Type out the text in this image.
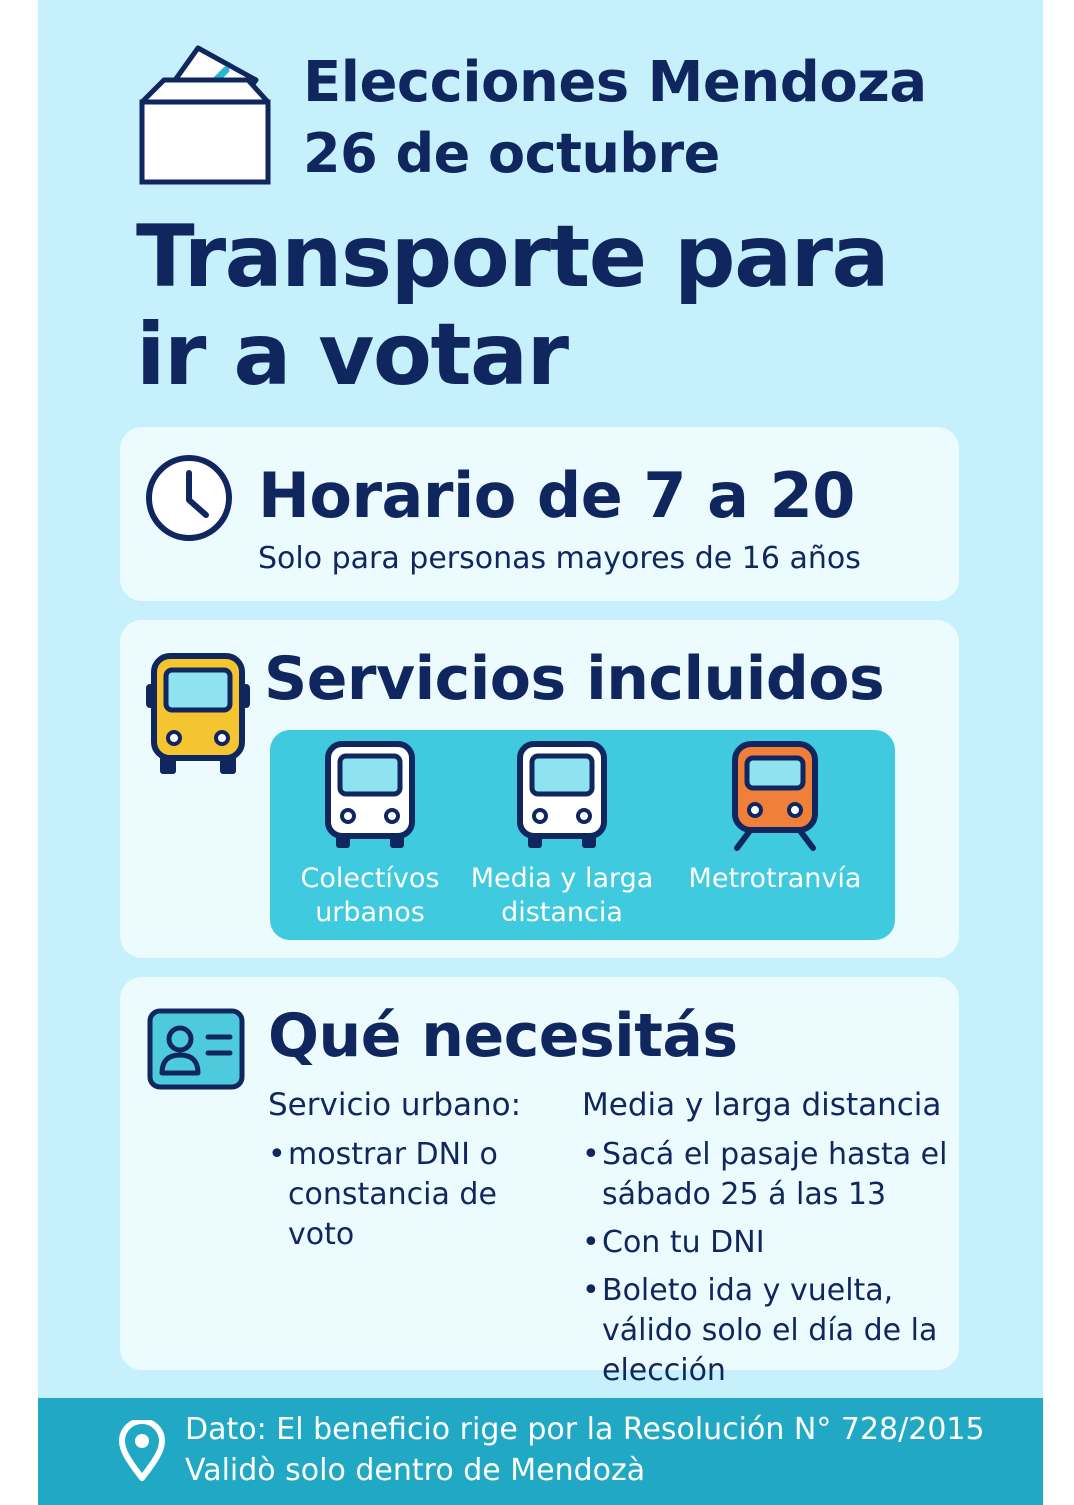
Elecciones Mendoza
26 de octubre
Transporte para
ir a votar
Horario de 7 a 20
Solo para personas mayores de 16 años
Servicios incluidos
Colectívos
urbanos
Media y larga
distancia
Metrotranvía
Qué necesitás
Servicio urbano:
• mostrar DNI o constancia de voto
Media y larga distancia
• Sacá el pasaje hasta el sábado 25 á las 13
• Con tu DNI
• Boleto ida y vuelta, válido solo el día de la elección
Dato: El beneficio rige por la Resolución N° 728/2015
Validò solo dentro de Mendozà
